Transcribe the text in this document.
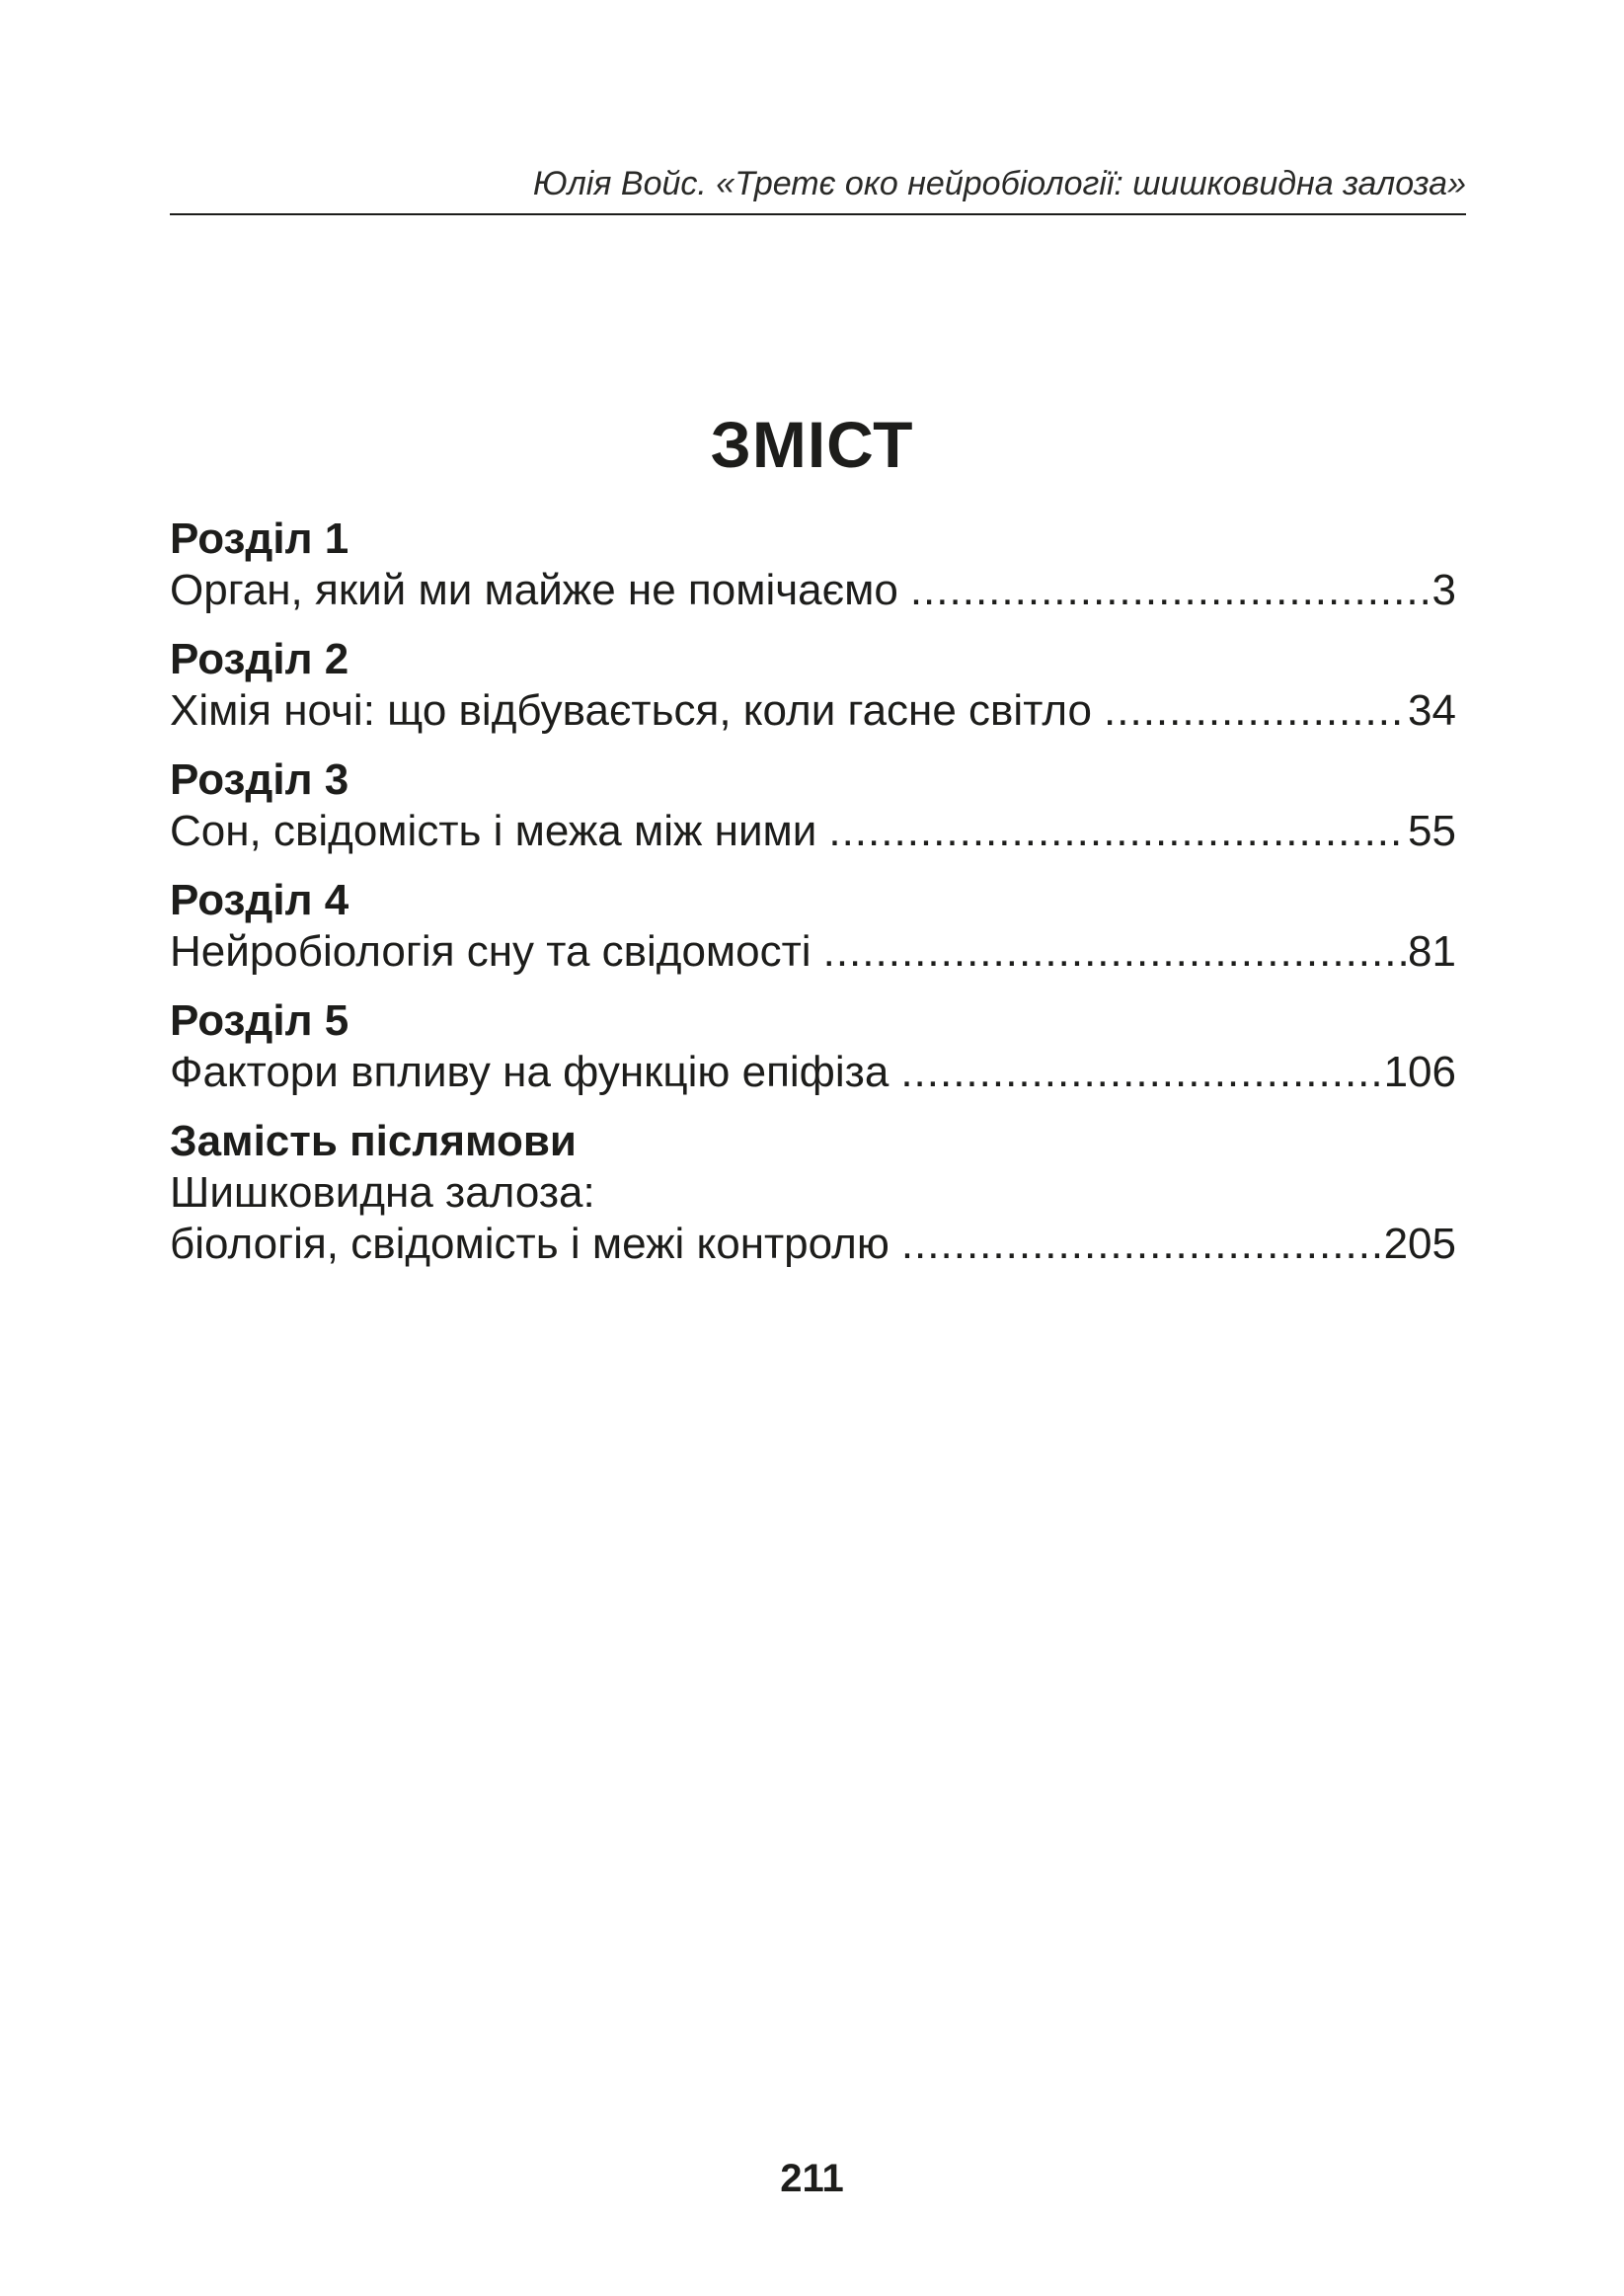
Юлія Войс. «Третє око нейробіології: шишковидна залоза»
ЗМІСТ
Розділ 1
Орган, який ми майже не помічаємо .....	3
Розділ 2
Хімія ночі: що відбувається, коли гасне світло .....	34
Розділ 3
Сон, свідомість і межа між ними .....	55
Розділ 4
Нейробіологія сну та свідомості .....	81
Розділ 5
Фактори впливу на функцію епіфіза .....	106
Замість післямови
Шишковидна залоза:
біологія, свідомість і межі контролю .....	205
211
